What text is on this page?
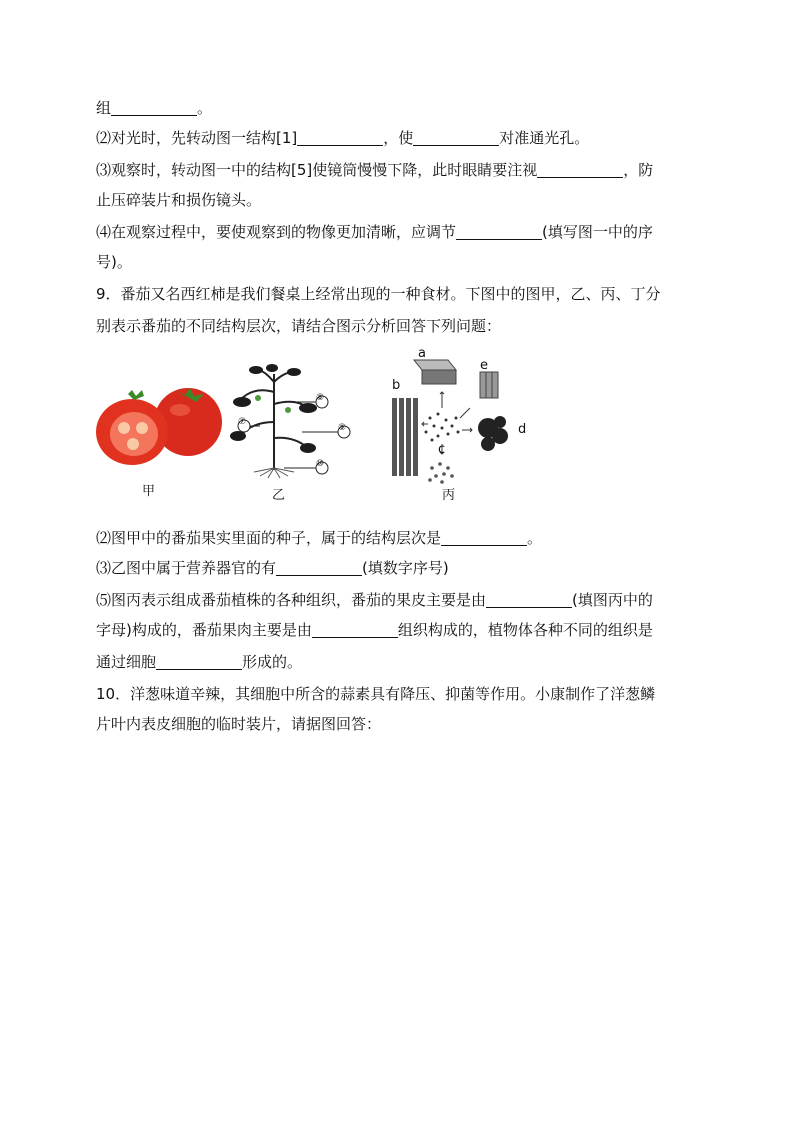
组	。
⑵对光时，先转动图一结构[1]	，使	对准通光孔。
⑶观察时，转动图一中的结构[5]使镜筒慢慢下降，此时眼睛要注视	，防
止压碎装片和损伤镜头。
⑷在观察过程中，要使观察到的物像更加清晰，应调节	(填写图一中的序
号)。
9．番茄又名西红柿是我们餐桌上经常出现的一种食材。下图中的图甲，乙、丙、丁分
别表示番茄的不同结构层次，请结合图示分析回答下列问题：
甲	乙	丙
⑦
⑧
⑨
⑩
a
b
c
d
e
⑵图甲中的番茄果实里面的种子，属于的结构层次是	。
⑶乙图中属于营养器官的有	(填数字序号)
⑸图丙表示组成番茄植株的各种组织，番茄的果皮主要是由	(填图丙中的
字母)构成的，番茄果肉主要是由	组织构成的，植物体各种不同的组织是
通过细胞	形成的。
10．洋葱味道辛辣，其细胞中所含的蒜素具有降压、抑菌等作用。小康制作了洋葱鳞
片叶内表皮细胞的临时装片，请据图回答：
